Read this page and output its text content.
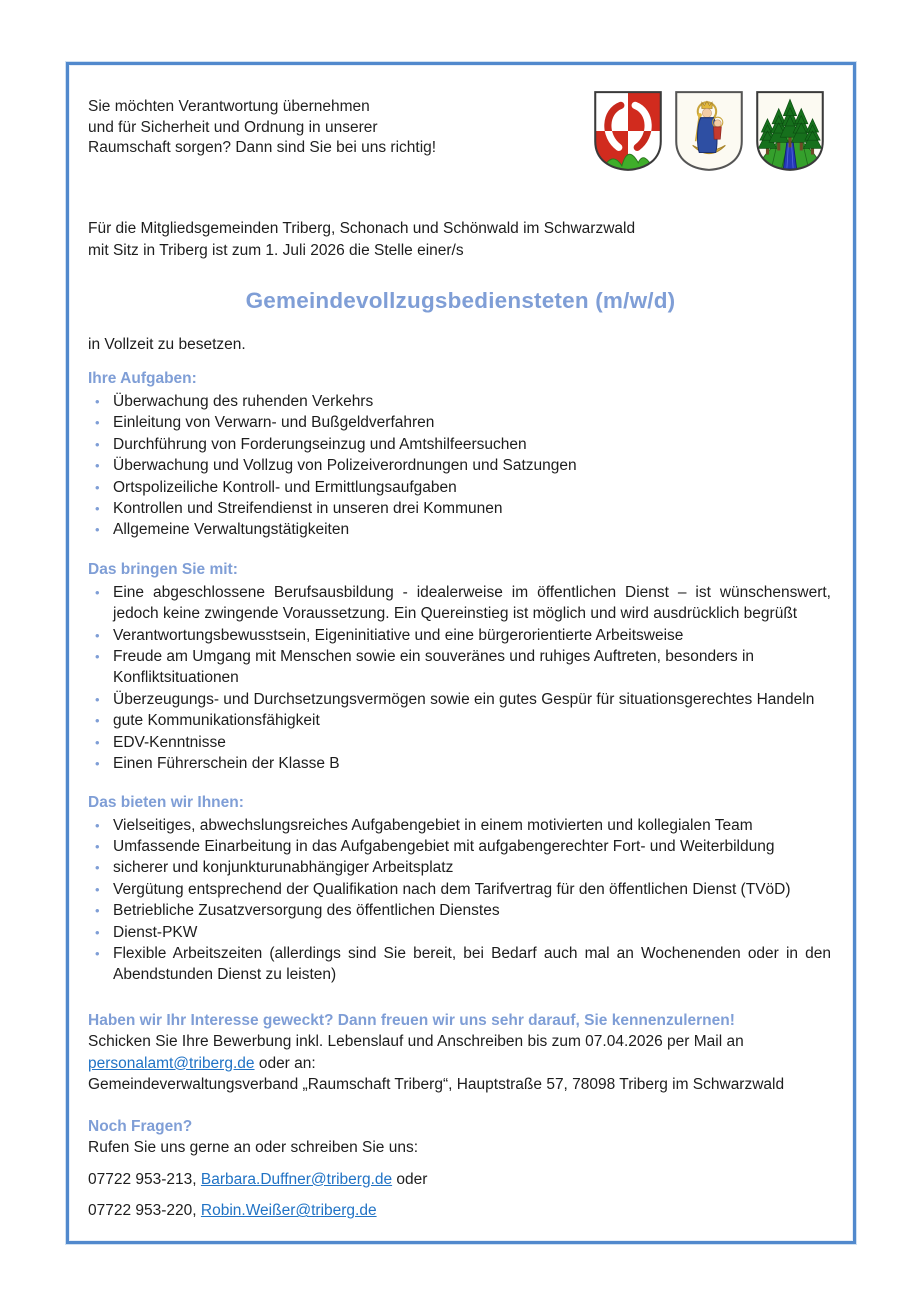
Sie möchten Verantwortung übernehmen
und für Sicherheit und Ordnung in unserer
Raumschaft sorgen? Dann sind Sie bei uns richtig!
Für die Mitgliedsgemeinden Triberg, Schonach und Schönwald im Schwarzwald
mit Sitz in Triberg ist zum 1. Juli 2026 die Stelle einer/s
Gemeindevollzugsbediensteten (m/w/d)
in Vollzeit zu besetzen.
Ihre Aufgaben:
• Überwachung des ruhenden Verkehrs
• Einleitung von Verwarn- und Bußgeldverfahren
• Durchführung von Forderungseinzug und Amtshilfeersuchen
• Überwachung und Vollzug von Polizeiverordnungen und Satzungen
• Ortspolizeiliche Kontroll- und Ermittlungsaufgaben
• Kontrollen und Streifendienst in unseren drei Kommunen
• Allgemeine Verwaltungstätigkeiten
Das bringen Sie mit:
• Eine abgeschlossene Berufsausbildung - idealerweise im öffentlichen Dienst – ist wünschenswert, jedoch keine zwingende Voraussetzung. Ein Quereinstieg ist möglich und wird ausdrücklich begrüßt
• Verantwortungsbewusstsein, Eigeninitiative und eine bürgerorientierte Arbeitsweise
• Freude am Umgang mit Menschen sowie ein souveränes und ruhiges Auftreten, besonders in Konfliktsituationen
• Überzeugungs- und Durchsetzungsvermögen sowie ein gutes Gespür für situationsgerechtes Handeln
• gute Kommunikationsfähigkeit
• EDV-Kenntnisse
• Einen Führerschein der Klasse B
Das bieten wir Ihnen:
• Vielseitiges, abwechslungsreiches Aufgabengebiet in einem motivierten und kollegialen Team
• Umfassende Einarbeitung in das Aufgabengebiet mit aufgabengerechter Fort- und Weiterbildung
• sicherer und konjunkturunabhängiger Arbeitsplatz
• Vergütung entsprechend der Qualifikation nach dem Tarifvertrag für den öffentlichen Dienst (TVöD)
• Betriebliche Zusatzversorgung des öffentlichen Dienstes
• Dienst-PKW
• Flexible Arbeitszeiten (allerdings sind Sie bereit, bei Bedarf auch mal an Wochenenden oder in den Abendstunden Dienst zu leisten)
Haben wir Ihr Interesse geweckt? Dann freuen wir uns sehr darauf, Sie kennenzulernen!
Schicken Sie Ihre Bewerbung inkl. Lebenslauf und Anschreiben bis zum 07.04.2026 per Mail an
personalamt@triberg.de oder an:
Gemeindeverwaltungsverband „Raumschaft Triberg“, Hauptstraße 57, 78098 Triberg im Schwarzwald
Noch Fragen?
Rufen Sie uns gerne an oder schreiben Sie uns:
07722 953-213, Barbara.Duffner@triberg.de oder
07722 953-220, Robin.Weißer@triberg.de
